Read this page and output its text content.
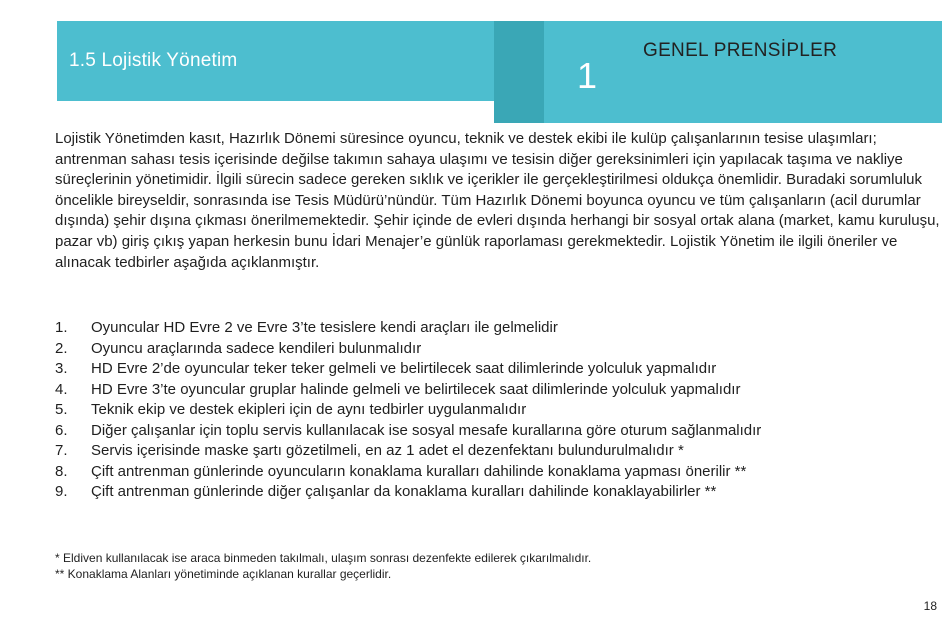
1.5 Lojistik Yönetim	1
GENEL PRENSİPLER

Lojistik Yönetimden kasıt, Hazırlık Dönemi süresince oyuncu, teknik ve destek ekibi ile kulüp çalışanlarının tesise ulaşımları; antrenman sahası tesis içerisinde değilse takımın sahaya ulaşımı ve tesisin diğer gereksinimleri için yapılacak taşıma ve nakliye süreçlerinin yönetimidir. İlgili sürecin sadece gereken sıklık ve içerikler ile gerçekleştirilmesi oldukça önemlidir. Buradaki sorumluluk öncelikle bireyseldir, sonrasında ise Tesis Müdürü’nündür. Tüm Hazırlık Dönemi boyunca oyuncu ve tüm çalışanların (acil durumlar dışında) şehir dışına çıkması önerilmemektedir. Şehir içinde de evleri dışında herhangi bir sosyal ortak alana (market, kamu kuruluşu, pazar vb) giriş çıkış yapan herkesin bunu İdari Menajer’e günlük raporlaması gerekmektedir. Lojistik Yönetim ile ilgili öneriler ve alınacak tedbirler aşağıda açıklanmıştır.

1.	Oyuncular HD Evre 2 ve Evre 3’te tesislere kendi araçları ile gelmelidir
2.	Oyuncu araçlarında sadece kendileri bulunmalıdır
3.	HD Evre 2’de oyuncular teker teker gelmeli ve belirtilecek saat dilimlerinde yolculuk yapmalıdır
4.	HD Evre 3’te oyuncular gruplar halinde gelmeli ve belirtilecek saat dilimlerinde yolculuk yapmalıdır
5.	Teknik ekip ve destek ekipleri için de aynı tedbirler uygulanmalıdır
6.	Diğer çalışanlar için toplu servis kullanılacak ise sosyal mesafe kurallarına göre oturum sağlanmalıdır
7.	Servis içerisinde maske şartı gözetilmeli, en az 1 adet el dezenfektanı bulundurulmalıdır *
8.	Çift antrenman günlerinde oyuncuların konaklama kuralları dahilinde konaklama yapması önerilir **
9.	Çift antrenman günlerinde diğer çalışanlar da konaklama kuralları dahilinde konaklayabilirler **
* Eldiven kullanılacak ise araca binmeden takılmalı, ulaşım sonrası dezenfekte edilerek çıkarılmalıdır.
** Konaklama Alanları yönetiminde açıklanan kurallar geçerlidir.
18
